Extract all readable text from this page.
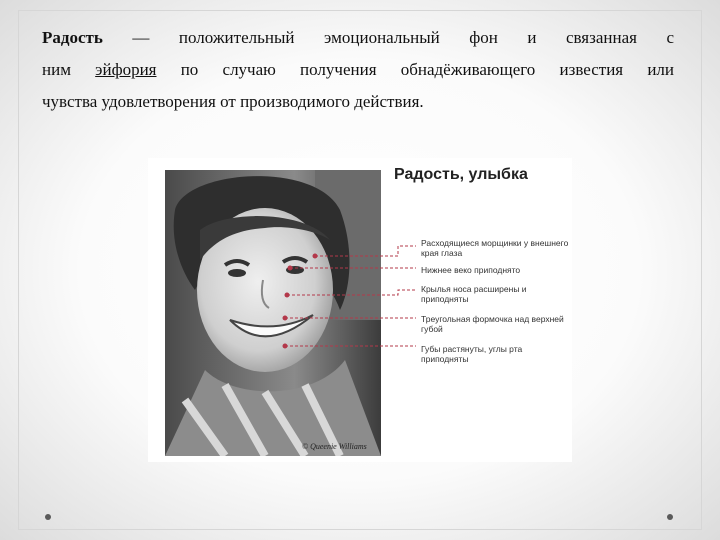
Радость — положительный эмоциональный фон и связанная с
ним эйфория по случаю получения обнадёживающего известия или
чувства удовлетворения от производимого действия.
Радость, улыбка
Расходящиеся морщинки у внешнего края глаза
Нижнее веко приподнято
Крылья носа расширены и приподняты
Треугольная формочка над верхней губой
Губы растянуты, углы рта приподняты
© Queenie Williams
